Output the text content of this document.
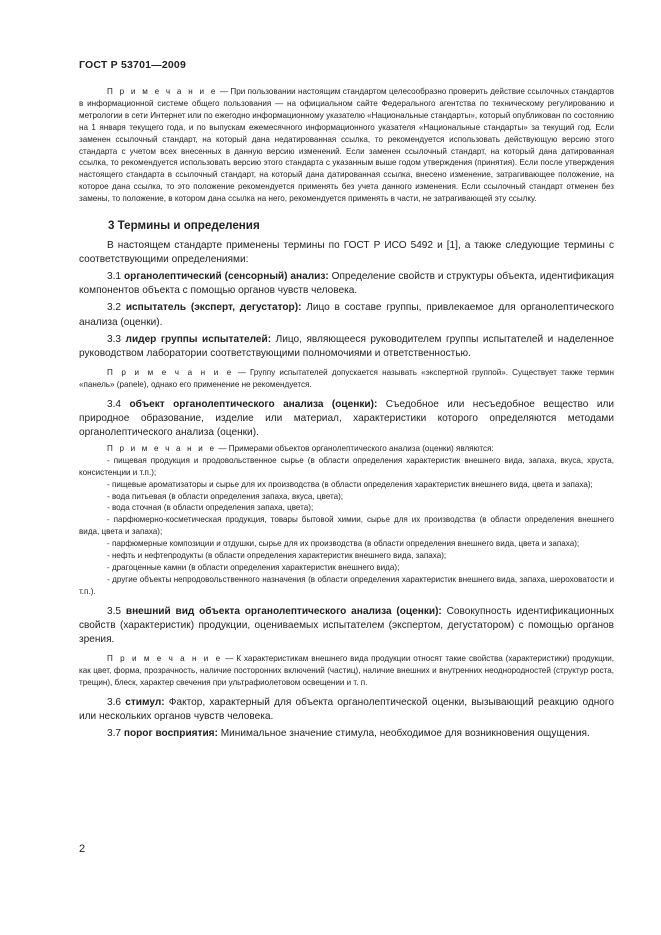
ГОСТ Р 53701—2009

П р и м е ч а н и е — При пользовании настоящим стандартом целесообразно проверить действие ссылочных стандартов в информационной системе общего пользования — на официальном сайте Федерального агентства по техническому регулированию и метрологии в сети Интернет или по ежегодно информационному указателю «Национальные стандарты», который опубликован по состоянию на 1 января текущего года, и по выпускам ежемесячного информационного указателя «Национальные стандарты» за текущий год. Если заменен ссылочный стандарт, на который дана недатированная ссылка, то рекомендуется использовать действующую версию этого стандарта с учетом всех внесенных в данную версию изменений. Если заменен ссылочный стандарт, на который дана датированная ссылка, то рекомендуется использовать версию этого стандарта с указанным выше годом утверждения (принятия). Если после утверждения настоящего стандарта в ссылочный стандарт, на который дана датированная ссылка, внесено изменение, затрагивающее положение, на которое дана ссылка, то это положение рекомендуется применять без учета данного изменения. Если ссылочный стандарт отменен без замены, то положение, в котором дана ссылка на него, рекомендуется применять в части, не затрагивающей эту ссылку.

3 Термины и определения

В настоящем стандарте применены термины по ГОСТ Р ИСО 5492 и [1], а также следующие термины с соответствующими определениями:

3.1 органолептический (сенсорный) анализ: Определение свойств и структуры объекта, идентификация компонентов объекта с помощью органов чувств человека.

3.2 испытатель (эксперт, дегустатор): Лицо в составе группы, привлекаемое для органолептического анализа (оценки).

3.3 лидер группы испытателей: Лицо, являющееся руководителем группы испытателей и наделенное руководством лаборатории соответствующими полномочиями и ответственностью.

П р и м е ч а н и е — Группу испытателей допускается называть «экспертной группой». Существует также термин «панель» (panele), однако его применение не рекомендуется.

3.4 объект органолептического анализа (оценки): Съедобное или несъедобное вещество или природное образование, изделие или материал, характеристики которого определяются методами органолептического анализа (оценки).

П р и м е ч а н и е — Примерами объектов органолептического анализа (оценки) являются:

- пищевая продукция и продовольственное сырье (в области определения характеристик внешнего вида, запаха, вкуса, хруста, консистенции и т.п.);

- пищевые ароматизаторы и сырье для их производства (в области определения характеристик внешнего вида, цвета и запаха);

- вода питьевая (в области определения запаха, вкуса, цвета);

- вода сточная (в области определения запаха, цвета);

- парфюмерно-косметическая продукция, товары бытовой химии, сырье для их производства (в области определения внешнего вида, цвета и запаха);

- парфюмерные композиции и отдушки, сырье для их производства (в области определения внешнего вида, цвета и запаха);

- нефть и нефтепродукты (в области определения характеристик внешнего вида, запаха);

- драгоценные камни (в области определения характеристик внешнего вида);

- другие объекты непродовольственного назначения (в области определения характеристик внешнего вида, запаха, шероховатости и т.п.).

3.5 внешний вид объекта органолептического анализа (оценки): Совокупность идентификационных свойств (характеристик) продукции, оцениваемых испытателем (экспертом, дегустатором) с помощью органов зрения.

П р и м е ч а н и е — К характеристикам внешнего вида продукции относят такие свойства (характеристики) продукции, как цвет, форма, прозрачность, наличие посторонних включений (частиц), наличие внешних и внутренних неоднородностей (структур роста, трещин), блеск, характер свечения при ультрафиолетовом освещении и т. п.

3.6 стимул: Фактор, характерный для объекта органолептической оценки, вызывающий реакцию одного или нескольких органов чувств человека.

3.7 порог восприятия: Минимальное значение стимула, необходимое для возникновения ощущения.

2
